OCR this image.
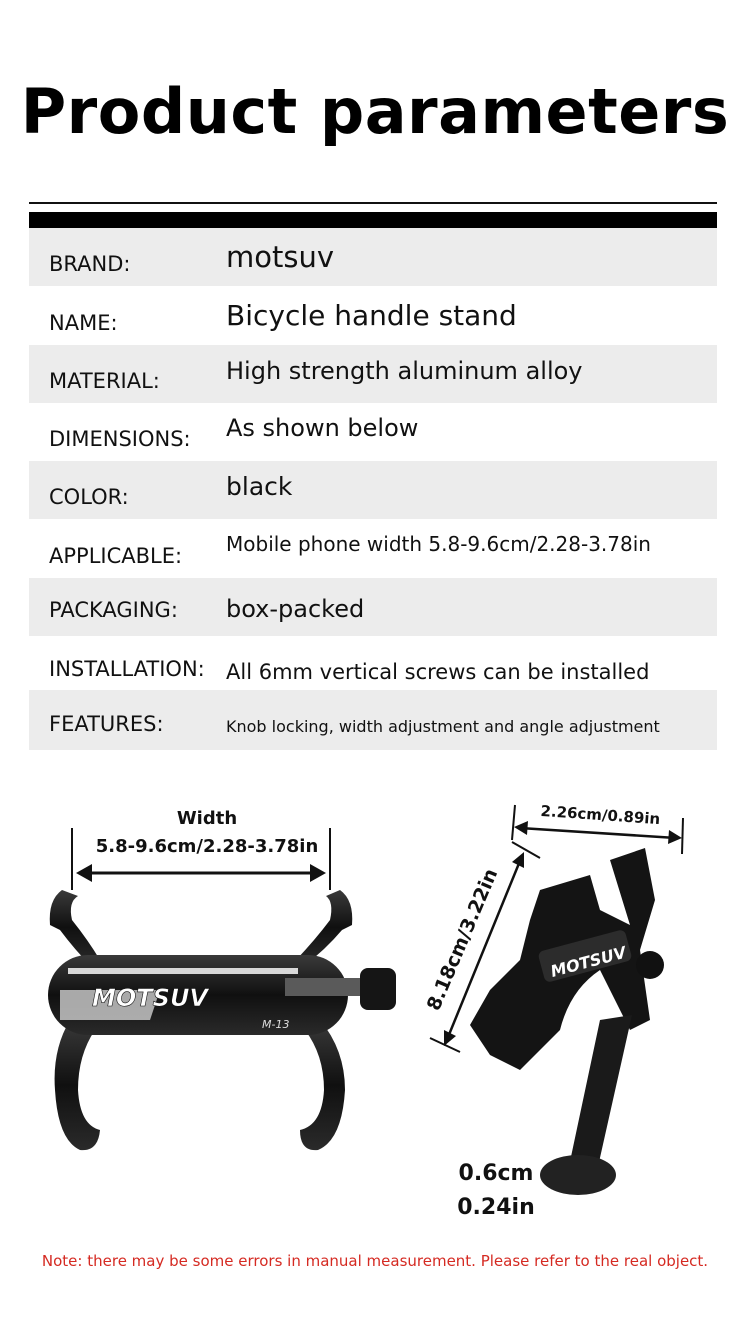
Product parameters
BRAND:	motsuv
NAME:	Bicycle handle stand
MATERIAL:	High strength aluminum alloy
DIMENSIONS: As shown below
COLOR:	black
APPLICABLE: Mobile phone width 5.8-9.6cm/2.28-3.78in
PACKAGING: box-packed
INSTALLATION: All 6mm vertical screws can be installed
FEATURES:	Knob locking, width adjustment and angle adjustment
Width
5.8-9.6cm/2.28-3.78in
MOTSUV
M-13
2.26cm/0.89in
8.18cm/3.22in	MOTSUV
0.6cm
0.24in
Note: there may be some errors in manual measurement. Please refer to the real object.
